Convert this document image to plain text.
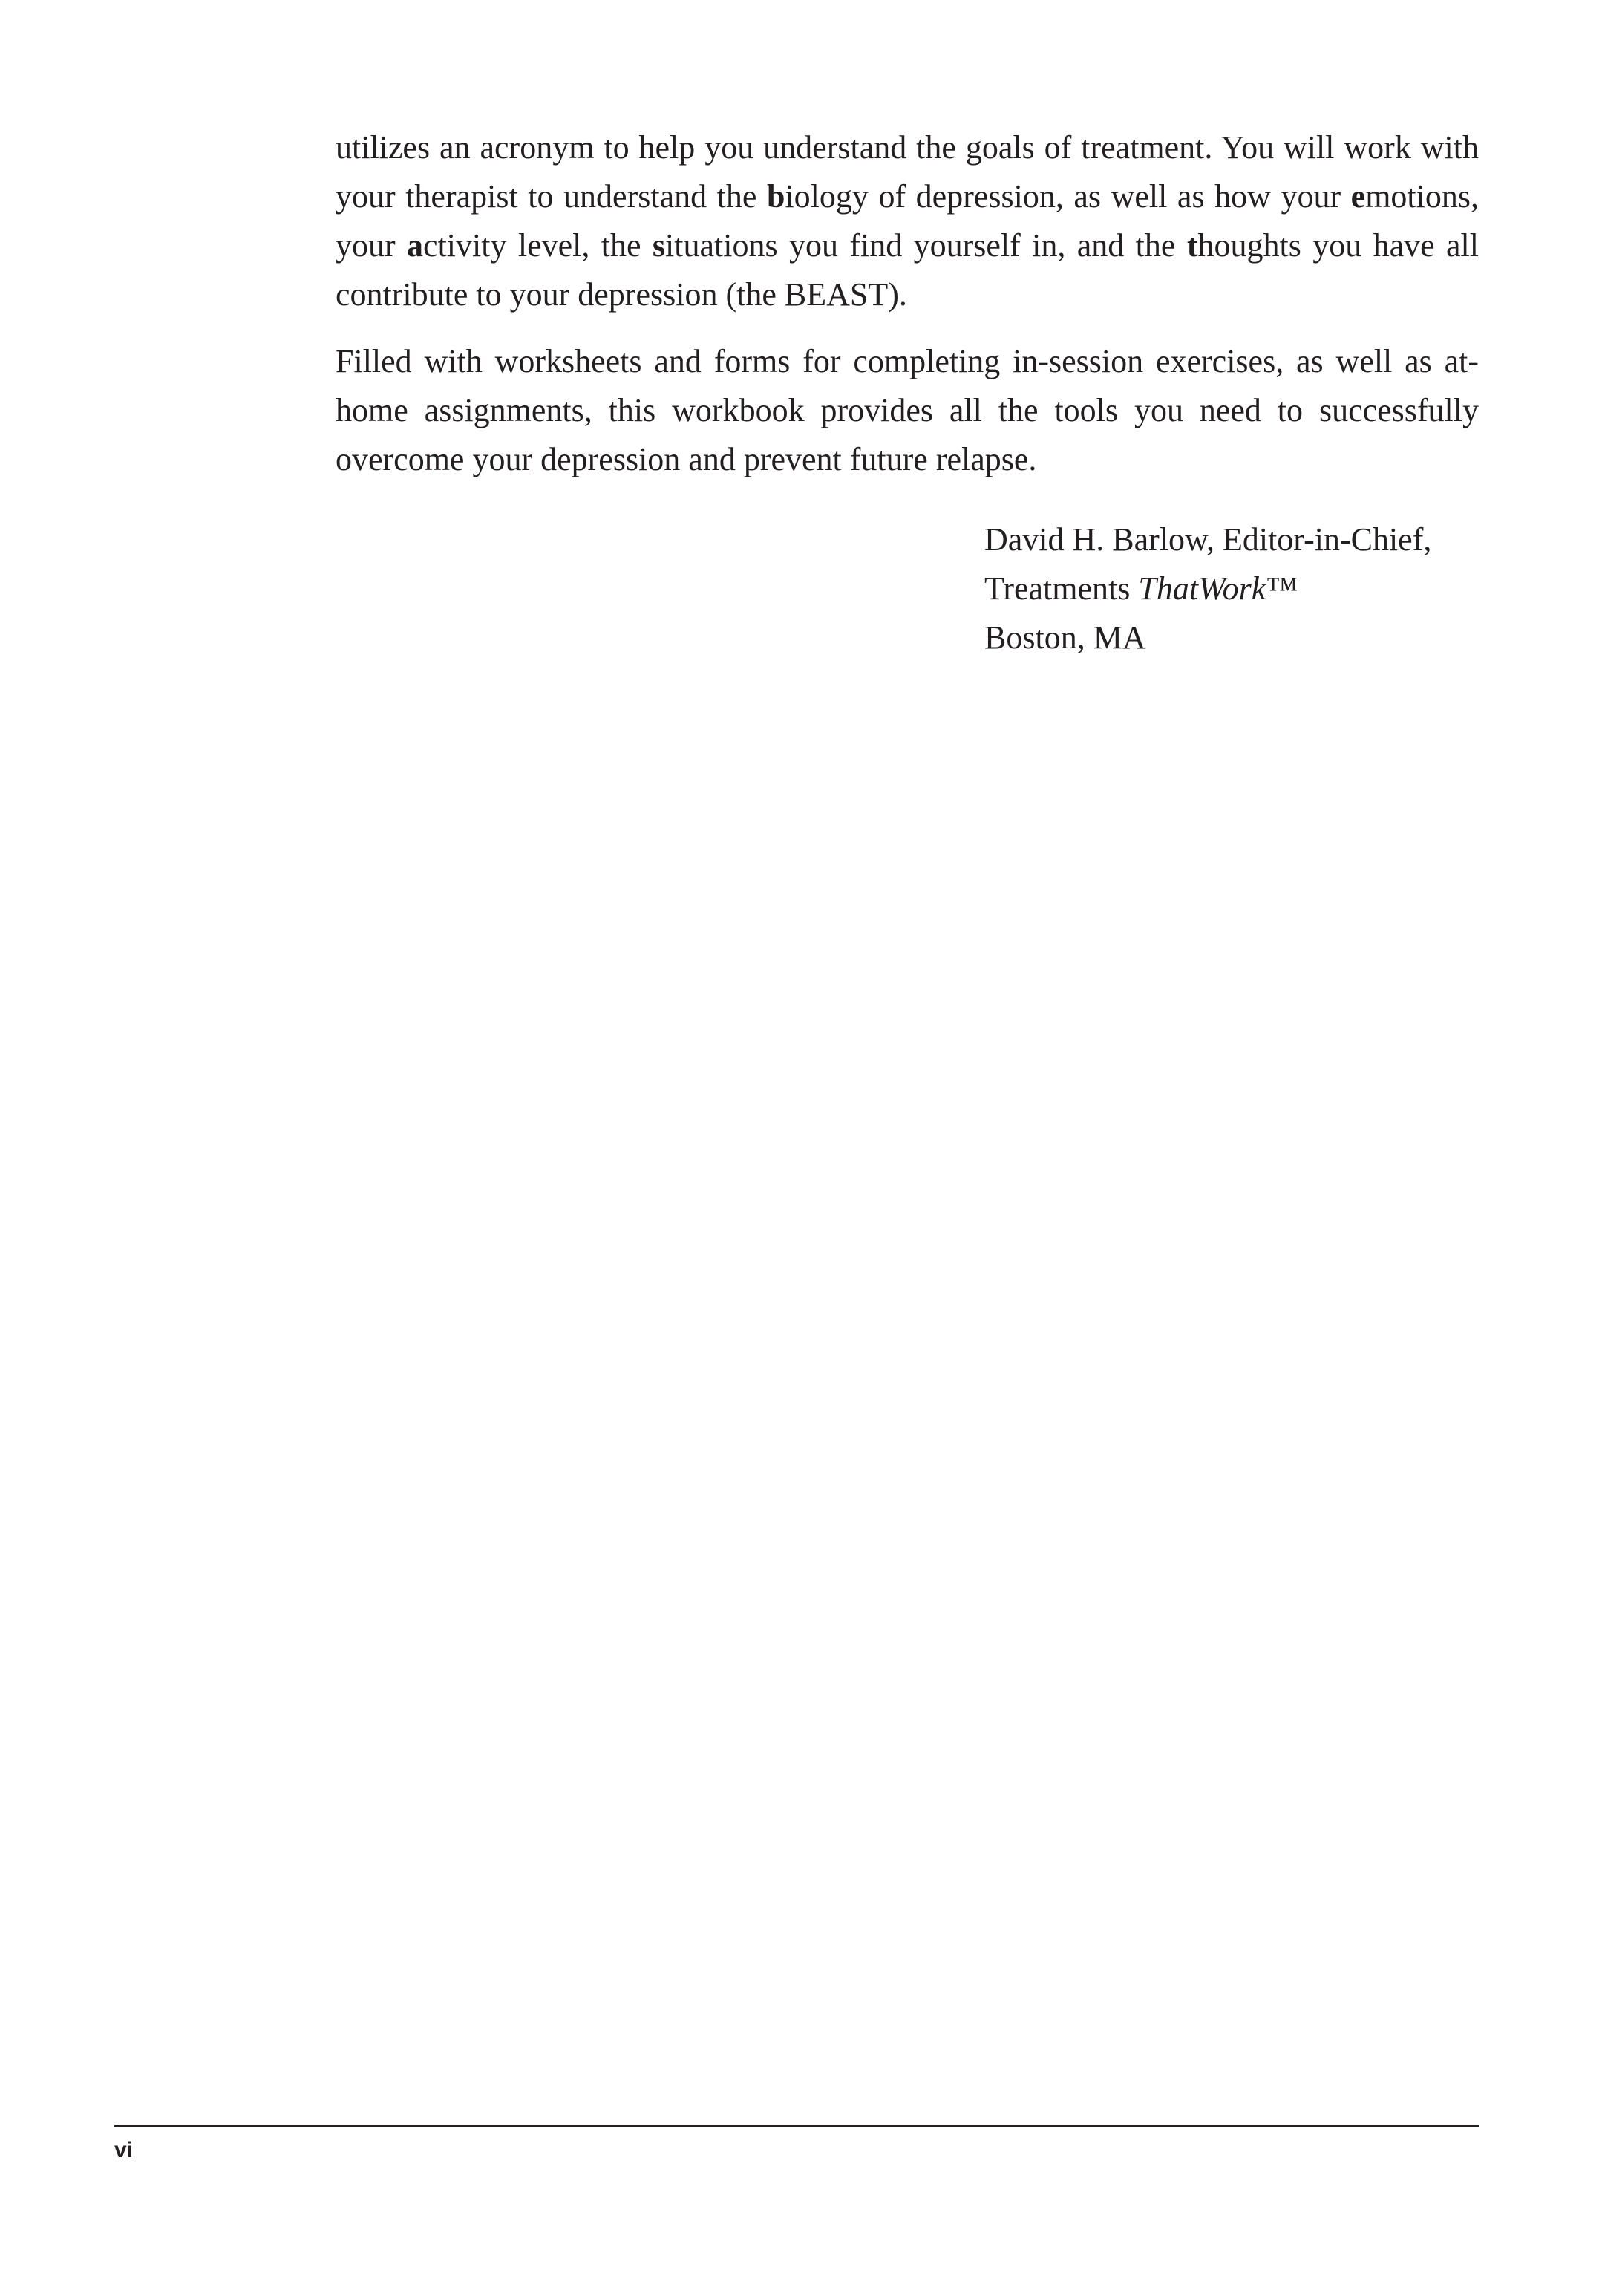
utilizes an acronym to help you understand the goals of treatment. You will work with your therapist to understand the biology of depression, as well as how your emotions, your activity level, the situations you find yourself in, and the thoughts you have all contribute to your depression (the BEAST).

Filled with worksheets and forms for completing in-session exercises, as well as at-home assignments, this workbook provides all the tools you need to successfully overcome your depression and prevent future relapse.

David H. Barlow, Editor-in-Chief,
Treatments ThatWork™
Boston, MA
vi
